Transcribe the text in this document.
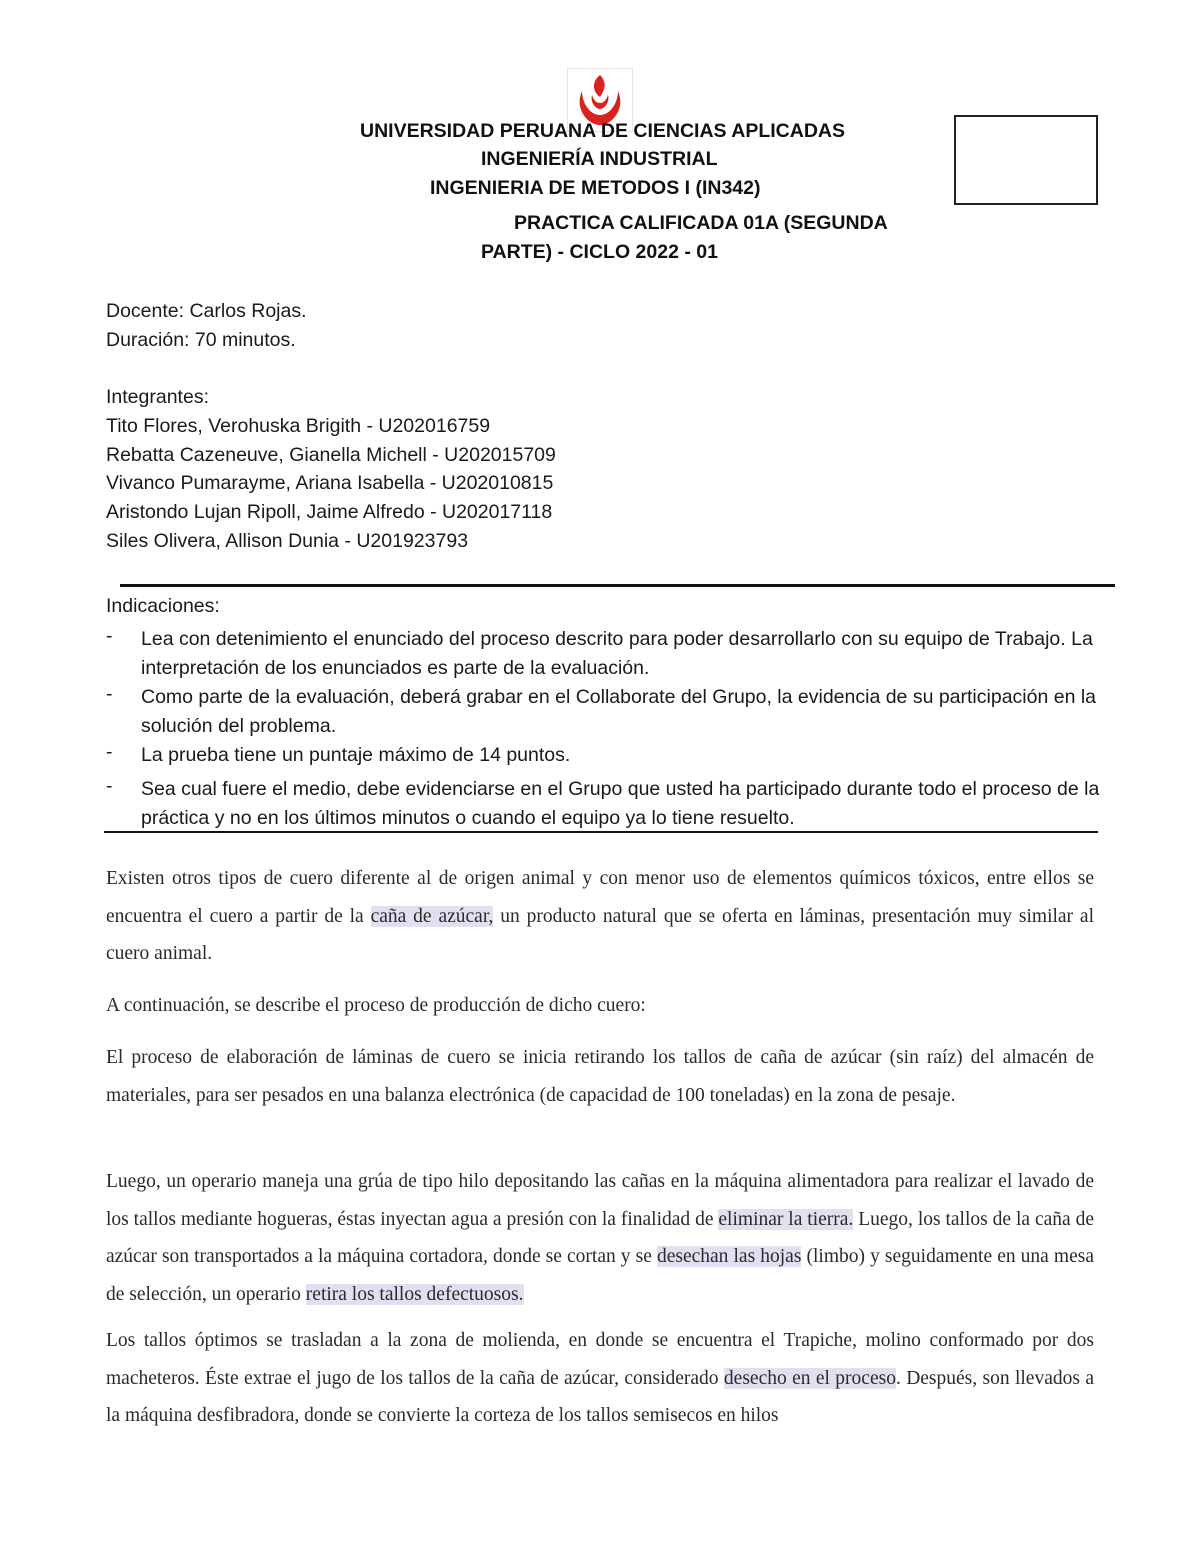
UNIVERSIDAD PERUANA DE CIENCIAS APLICADAS
INGENIERÍA INDUSTRIAL
INGENIERIA DE METODOS I (IN342)
PRACTICA CALIFICADA 01A (SEGUNDA
PARTE) - CICLO 2022 - 01
Docente: Carlos Rojas.
Duración: 70 minutos.
Integrantes:
Tito Flores, Verohuska Brigith - U202016759
Rebatta Cazeneuve, Gianella Michell - U202015709
Vivanco Pumarayme, Ariana Isabella - U202010815
Aristondo Lujan Ripoll, Jaime Alfredo - U202017118
Siles Olivera, Allison Dunia - U201923793
Indicaciones:
- Lea con detenimiento el enunciado del proceso descrito para poder desarrollarlo con su equipo de Trabajo. La interpretación de los enunciados es parte de la evaluación.
- Como parte de la evaluación, deberá grabar en el Collaborate del Grupo, la evidencia de su participación en la solución del problema.
- La prueba tiene un puntaje máximo de 14 puntos.
- Sea cual fuere el medio, debe evidenciarse en el Grupo que usted ha participado durante todo el proceso de la práctica y no en los últimos minutos o cuando el equipo ya lo tiene resuelto.
Existen otros tipos de cuero diferente al de origen animal y con menor uso de elementos químicos tóxicos, entre ellos se encuentra el cuero a partir de la caña de azúcar, un producto natural que se oferta en láminas, presentación muy similar al cuero animal.
A continuación, se describe el proceso de producción de dicho cuero:
El proceso de elaboración de láminas de cuero se inicia retirando los tallos de caña de azúcar (sin raíz) del almacén de materiales, para ser pesados en una balanza electrónica (de capacidad de 100 toneladas) en la zona de pesaje.
Luego, un operario maneja una grúa de tipo hilo depositando las cañas en la máquina alimentadora para realizar el lavado de los tallos mediante hogueras, éstas inyectan agua a presión con la finalidad de eliminar la tierra. Luego, los tallos de la caña de azúcar son transportados a la máquina cortadora, donde se cortan y se desechan las hojas (limbo) y seguidamente en una mesa de selección, un operario retira los tallos defectuosos.
Los tallos óptimos se trasladan a la zona de molienda, en donde se encuentra el Trapiche, molino conformado por dos macheteros. Éste extrae el jugo de los tallos de la caña de azúcar, considerado desecho en el proceso. Después, son llevados a la máquina desfibradora, donde se convierte la corteza de los tallos semisecos en hilos
